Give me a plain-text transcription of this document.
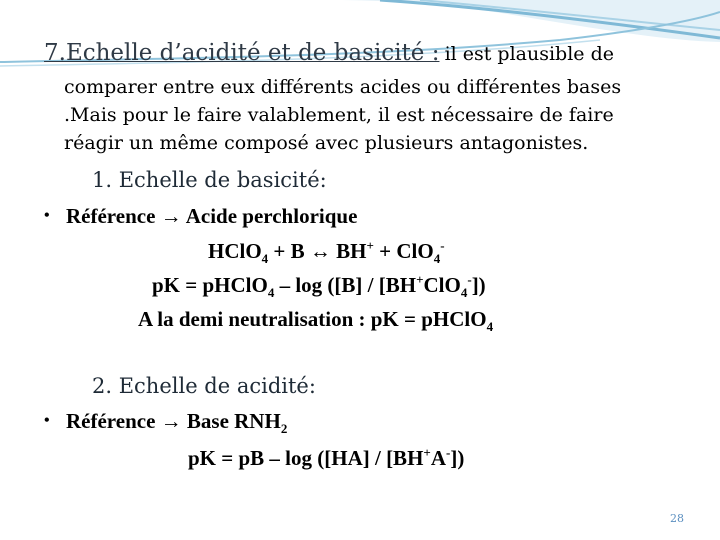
7.Echelle d’acidité et de basicité : il est plausible de
comparer entre eux différents acides ou différentes bases
.Mais pour le faire valablement, il est nécessaire de faire
réagir un même composé avec plusieurs antagonistes.
1. Echelle de basicité:
• Référence → Acide perchlorique
HClO$_4$ + B ↔ BH+ + ClO$_4$-
pK = pHClO$_4$ – log ([B] / [BH+ClO$_4$-])
A la demi neutralisation : pK = pHClO$_4$
2. Echelle de acidité:
• Référence → Base $RNH_2$
pK = pB – log ([HA] / [BH+A-])
28
